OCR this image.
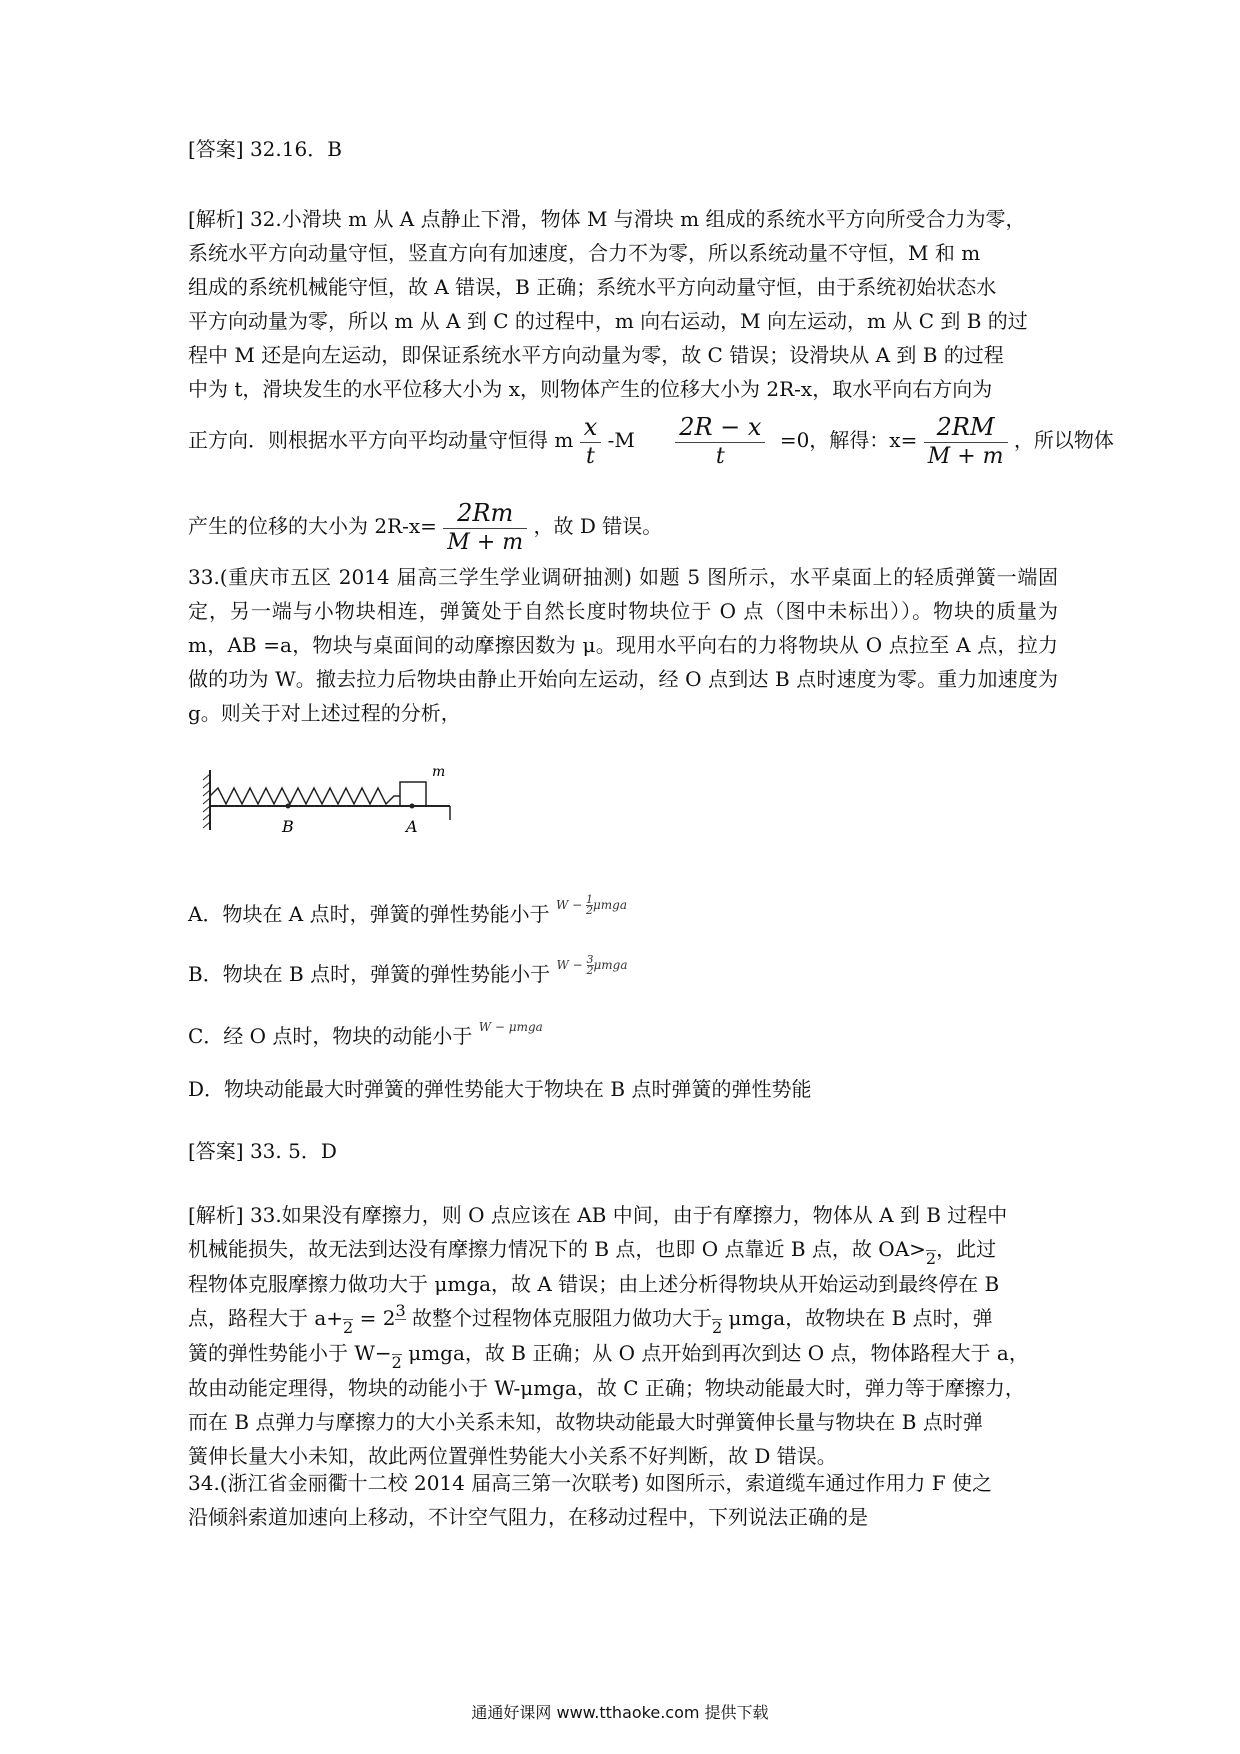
[答案] 32.16．B
[解析] 32.小滑块 m 从 A 点静止下滑，物体 M 与滑块 m 组成的系统水平方向所受合力为零，
系统水平方向动量守恒，竖直方向有加速度，合力不为零，所以系统动量不守恒，M 和 m
组成的系统机械能守恒，故 A 错误，B 正确；系统水平方向动量守恒，由于系统初始状态水
平方向动量为零，所以 m 从 A 到 C 的过程中，m 向右运动，M 向左运动，m 从 C 到 B 的过
程中 M 还是向左运动，即保证系统水平方向动量为零，故 C 错误；设滑块从 A 到 B 的过程
中为 t，滑块发生的水平位移大小为 x，则物体产生的位移大小为 2R-x，取水平向右方向为
正方向．则根据水平方向平均动量守恒得 m $\frac{x}{t} -M \frac{2R - x}{t} =0$，解得：$x= \frac{2RM}{M + m}$ ，所以物体
产生的位移的大小为 $2R-x= \frac{2Rm}{M + m}$ ，故 D 错误。
33.(重庆市五区 2014 届高三学生学业调研抽测) 如题 5 图所示，水平桌面上的轻质弹簧一端固定，另一端与小物块相连，弹簧处于自然长度时物块位于 O 点（图中未标出））。物块的质量为 m，AB =a，物块与桌面间的动摩擦因数为 μ。现用水平向右的力将物块从 O 点拉至 A 点，拉力做的功为 W。撤去拉力后物块由静止开始向左运动，经 O 点到达 B 点时速度为零。重力加速度为 g。则关于对上述过程的分析，
m
B	A
A．物块在 A 点时，弹簧的弹性势能小于 $^{W - \frac{1}{2} \mu mga}$
B．物块在 B 点时，弹簧的弹性势能小于 $^{W - \frac{3}{2} \mu mga}$
C．经 O 点时，物块的动能小于 $^{W - \mu mga}$
D．物块动能最大时弹簧的弹性势能大于物块在 B 点时弹簧的弹性势能
[答案] 33. 5．D
[解析] 33.如果没有摩擦力，则 O 点应该在 AB 中间，由于有摩擦力，物体从 A 到 B 过程中
机械能损失，故无法到达没有摩擦力情况下的 B 点，也即 O 点靠近 B 点，故 OA>
2 ，此过
程物体克服摩擦力做功大于 μmga，故 A 错误；由上述分析得物块从开始运动到最终停在 B
点，路程大于 a+
2 = 2 3
故整个过程物体克服阻力做功大于
2 μmga，故物块在 B 点时，弹
簧的弹性势能小于 W−
2 μmga，故 B 正确；从 O 点开始到再次到达 O 点，物体路程大于 a，
故由动能定理得，物块的动能小于 W-μmga，故 C 正确；物块动能最大时，弹力等于摩擦力，
而在 B 点弹力与摩擦力的大小关系未知，故物块动能最大时弹簧伸长量与物块在 B 点时弹
簧伸长量大小未知，故此两位置弹性势能大小关系不好判断，故 D 错误。
34.(浙江省金丽衢十二校 2014 届高三第一次联考) 如图所示，索道缆车通过作用力 F 使之
沿倾斜索道加速向上移动，不计空气阻力，在移动过程中，下列说法正确的是
通通好课网 www.tthaoke.com 提供下载
